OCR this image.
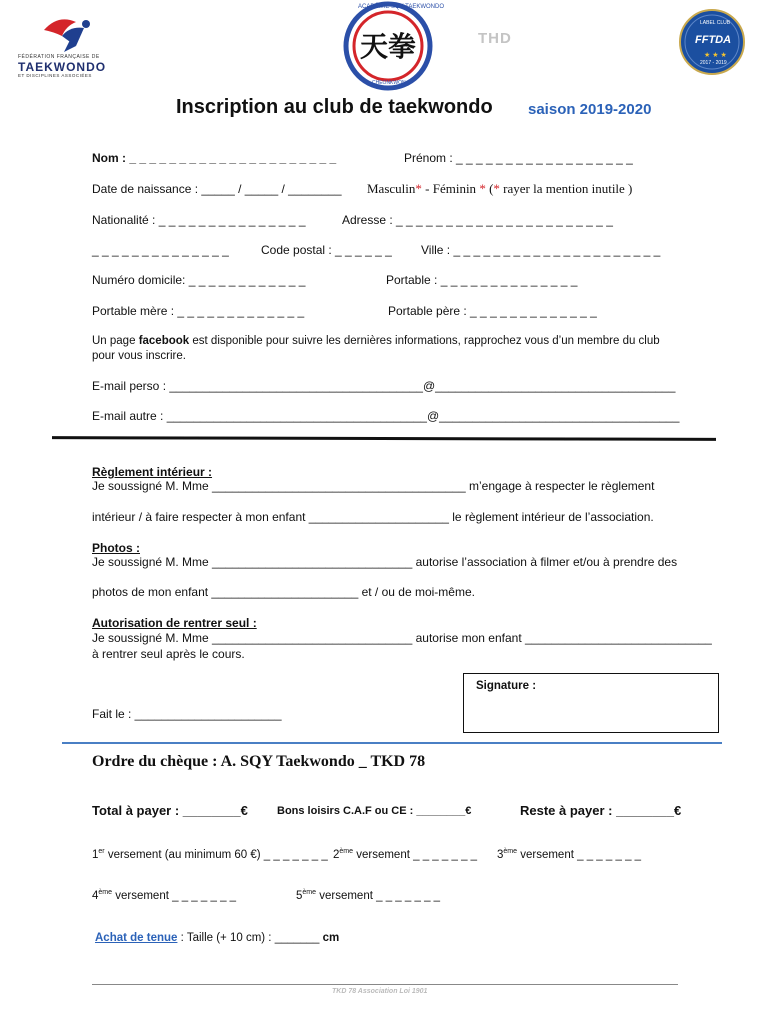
FÉDÉRATION FRANÇAISE DE
TAEKWONDO
ET DISCIPLINES ASSOCIÉES
天拳
ACADÉMIE SQY TAEKWONDO
CHEONKWON
THD
★ ★ ★
LABEL CLUB
FFTDA
2017 - 2019
Inscription au club de taekwondo saison 2019-2020
Nom : _ _ _ _ _ _ _ _ _ _ _ _ _ _ _ _ _ _ _ _ _	Prénom : _ _ _ _ _ _ _ _ _ _ _ _ _ _ _ _ _ _
Date de naissance : _____ / _____ / ________ Masculin* - Féminin * (* rayer la mention inutile )
Nationalité : _ _ _ _ _ _ _ _ _ _ _ _ _ _ _	Adresse : _ _ _ _ _ _ _ _ _ _ _ _ _ _ _ _ _ _ _ _ _ _
_ _ _ _ _ _ _ _ _ _ _ _ _ _	Code postal : _ _ _ _ _ _ Ville : _ _ _ _ _ _ _ _ _ _ _ _ _ _ _ _ _ _ _ _ _
Numéro domicile: _ _ _ _ _ _ _ _ _ _ _ _	Portable : _ _ _ _ _ _ _ _ _ _ _ _ _ _
Portable mère : _ _ _ _ _ _ _ _ _ _ _ _ _	Portable père : _ _ _ _ _ _ _ _ _ _ _ _ _
Un page facebook est disponible pour suivre les dernières informations, rapprochez vous d’un membre du club
pour vous inscrire.
E-mail perso : ______________________________________@____________________________________
E-mail autre : _______________________________________@____________________________________
Règlement intérieur :
Je soussigné M. Mme ______________________________________ m’engage à respecter le règlement
intérieur / à faire respecter à mon enfant _____________________ le règlement intérieur de l’association.
Photos :
Je soussigné M. Mme ______________________________ autorise l’association à filmer et/ou à prendre des
photos de mon enfant ______________________ et / ou de moi-même.
Autorisation de rentrer seul :
Je soussigné M. Mme ______________________________ autorise mon enfant ____________________________
à rentrer seul après le cours.
Signature :
Fait le : ______________________
Ordre du chèque : A. SQY Taekwondo _ TKD 78
Total à payer : ________€	Bons loisirs C.A.F ou CE : ________€	Reste à payer : ________€
1er versement (au minimum 60 €) _ _ _ _ _ _ _ 2ème versement _ _ _ _ _ _ _ 3ème versement _ _ _ _ _ _ _
4ème versement _ _ _ _ _ _ _	5ème versement _ _ _ _ _ _ _
Achat de tenue : Taille (+ 10 cm) : _______ cm
TKD 78 Association Loi 1901
